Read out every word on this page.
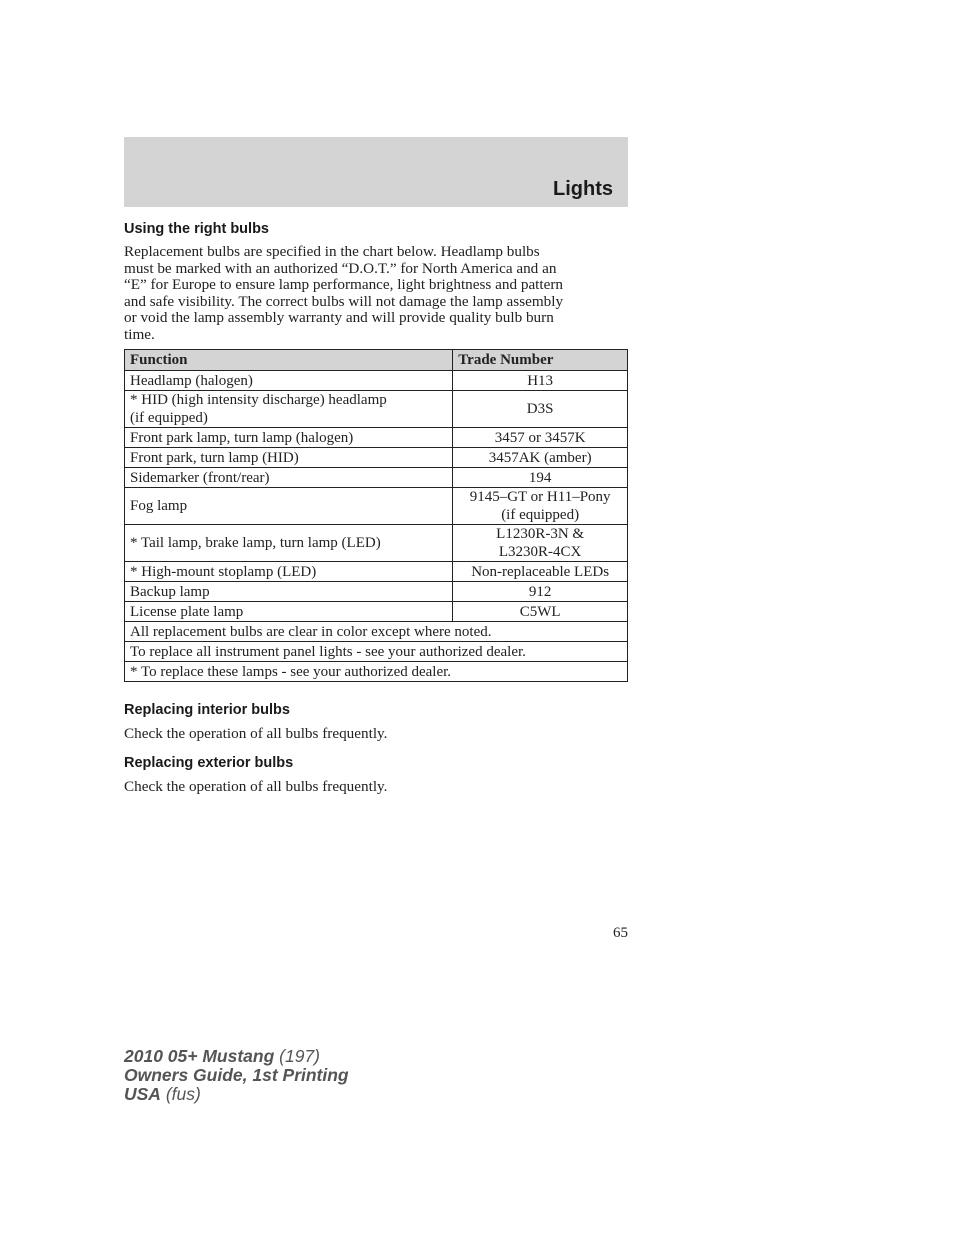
Lights
Using the right bulbs
Replacement bulbs are specified in the chart below. Headlamp bulbs
must be marked with an authorized “D.O.T.” for North America and an
“E” for Europe to ensure lamp performance, light brightness and pattern
and safe visibility. The correct bulbs will not damage the lamp assembly
or void the lamp assembly warranty and will provide quality bulb burn
time.
Function	Trade Number

Headlamp (halogen)	H13

* HID (high intensity discharge) headlamp
(if equipped)	D3S

Front park lamp, turn lamp (halogen)	3457 or 3457K

Front park, turn lamp (HID)	3457AK (amber)

Sidemarker (front/rear)	194

Fog lamp	9145–GT or H11–Pony
(if equipped)

* Tail lamp, brake lamp, turn lamp (LED)	L1230R-3N &
L3230R-4CX

* High-mount stoplamp (LED)	Non-replaceable LEDs

Backup lamp	912

License plate lamp	C5WL

All replacement bulbs are clear in color except where noted.	
To replace all instrument panel lights - see your authorized dealer.	
* To replace these lamps - see your authorized dealer.	
Replacing interior bulbs
Check the operation of all bulbs frequently.
Replacing exterior bulbs
Check the operation of all bulbs frequently.
65
2010 05+ Mustang (197)
Owners Guide, 1st Printing
USA (fus)
